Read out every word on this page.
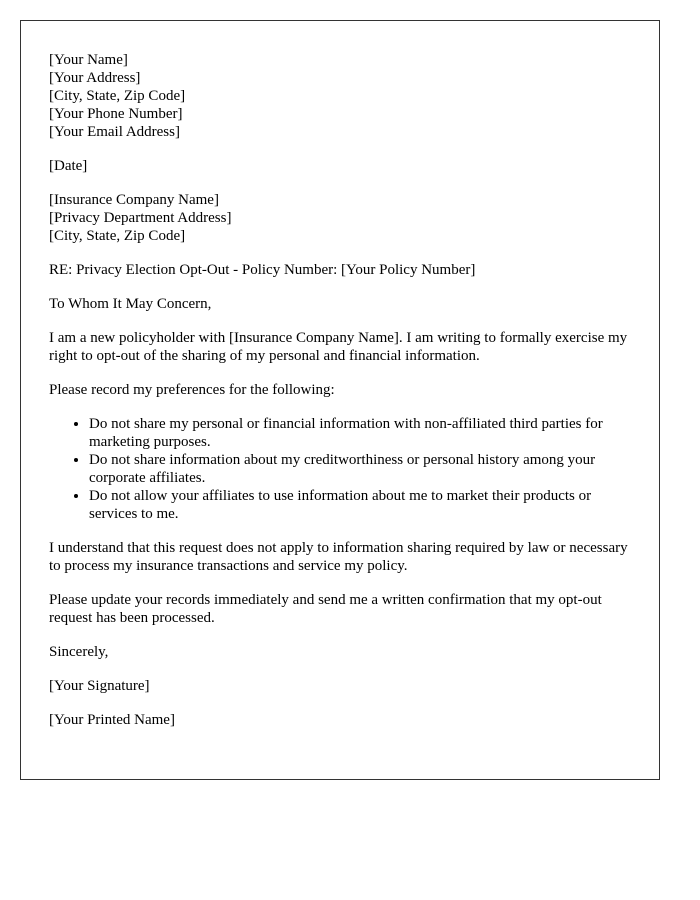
[Your Name]
[Your Address]
[City, State, Zip Code]
[Your Phone Number]
[Your Email Address]

[Date]

[Insurance Company Name]
[Privacy Department Address]
[City, State, Zip Code]

RE: Privacy Election Opt-Out - Policy Number: [Your Policy Number]

To Whom It May Concern,

I am a new policyholder with [Insurance Company Name]. I am writing to formally exercise my right to opt-out of the sharing of my personal and financial information.

Please record my preferences for the following:

• Do not share my personal or financial information with non-affiliated third parties for marketing purposes.
• Do not share information about my creditworthiness or personal history among your corporate affiliates.
• Do not allow your affiliates to use information about me to market their products or services to me.

I understand that this request does not apply to information sharing required by law or necessary to process my insurance transactions and service my policy.

Please update your records immediately and send me a written confirmation that my opt-out request has been processed.

Sincerely,

[Your Signature]

[Your Printed Name]
